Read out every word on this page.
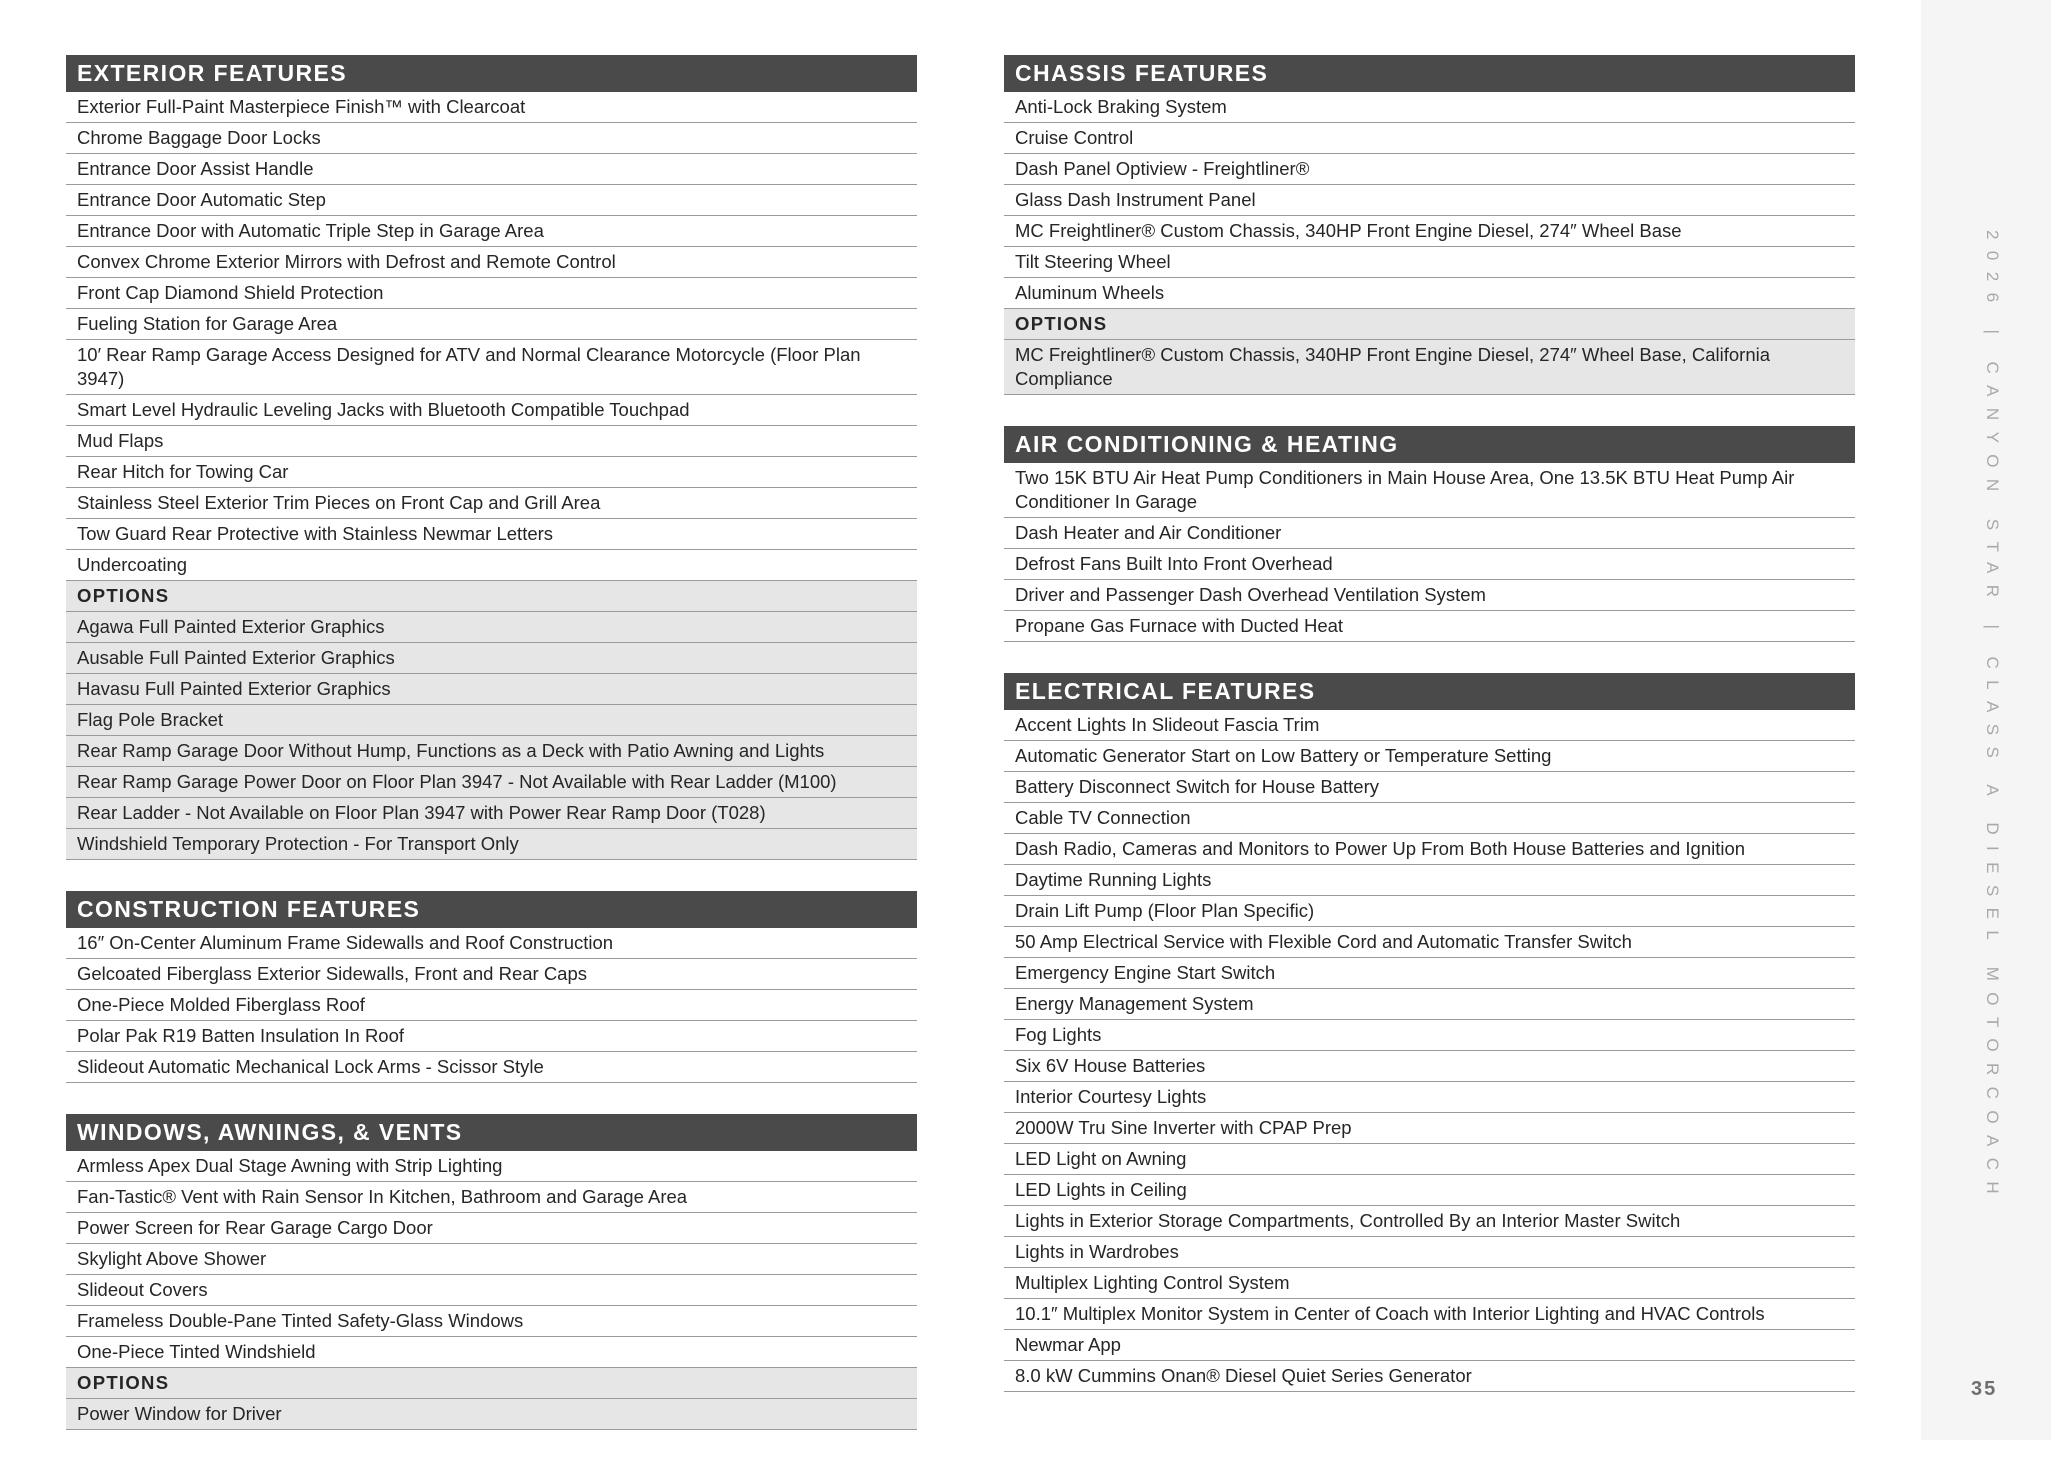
EXTERIOR FEATURES
Exterior Full-Paint Masterpiece Finish™ with Clearcoat
Chrome Baggage Door Locks
Entrance Door Assist Handle
Entrance Door Automatic Step
Entrance Door with Automatic Triple Step in Garage Area
Convex Chrome Exterior Mirrors with Defrost and Remote Control
Front Cap Diamond Shield Protection
Fueling Station for Garage Area
10′ Rear Ramp Garage Access Designed for ATV and Normal Clearance Motorcycle (Floor Plan 3947)
Smart Level Hydraulic Leveling Jacks with Bluetooth Compatible Touchpad
Mud Flaps
Rear Hitch for Towing Car
Stainless Steel Exterior Trim Pieces on Front Cap and Grill Area
Tow Guard Rear Protective with Stainless Newmar Letters
Undercoating
OPTIONS
Agawa Full Painted Exterior Graphics
Ausable Full Painted Exterior Graphics
Havasu Full Painted Exterior Graphics
Flag Pole Bracket
Rear Ramp Garage Door Without Hump, Functions as a Deck with Patio Awning and Lights
Rear Ramp Garage Power Door on Floor Plan 3947 - Not Available with Rear Ladder (M100)
Rear Ladder - Not Available on Floor Plan 3947 with Power Rear Ramp Door (T028)
Windshield Temporary Protection - For Transport Only
CONSTRUCTION FEATURES
16″ On-Center Aluminum Frame Sidewalls and Roof Construction
Gelcoated Fiberglass Exterior Sidewalls, Front and Rear Caps
One-Piece Molded Fiberglass Roof
Polar Pak R19 Batten Insulation In Roof
Slideout Automatic Mechanical Lock Arms - Scissor Style
WINDOWS, AWNINGS, & VENTS
Armless Apex Dual Stage Awning with Strip Lighting
Fan-Tastic® Vent with Rain Sensor In Kitchen, Bathroom and Garage Area
Power Screen for Rear Garage Cargo Door
Skylight Above Shower
Slideout Covers
Frameless Double-Pane Tinted Safety-Glass Windows
One-Piece Tinted Windshield
OPTIONS
Power Window for Driver
CHASSIS FEATURES
Anti-Lock Braking System
Cruise Control
Dash Panel Optiview - Freightliner®
Glass Dash Instrument Panel
MC Freightliner® Custom Chassis, 340HP Front Engine Diesel, 274″ Wheel Base
Tilt Steering Wheel
Aluminum Wheels
OPTIONS
MC Freightliner® Custom Chassis, 340HP Front Engine Diesel, 274″ Wheel Base, California Compliance
AIR CONDITIONING & HEATING
Two 15K BTU Air Heat Pump Conditioners in Main House Area, One 13.5K BTU Heat Pump Air Conditioner In Garage
Dash Heater and Air Conditioner
Defrost Fans Built Into Front Overhead
Driver and Passenger Dash Overhead Ventilation System
Propane Gas Furnace with Ducted Heat
ELECTRICAL FEATURES
Accent Lights In Slideout Fascia Trim
Automatic Generator Start on Low Battery or Temperature Setting
Battery Disconnect Switch for House Battery
Cable TV Connection
Dash Radio, Cameras and Monitors to Power Up From Both House Batteries and Ignition
Daytime Running Lights
Drain Lift Pump (Floor Plan Specific)
50 Amp Electrical Service with Flexible Cord and Automatic Transfer Switch
Emergency Engine Start Switch
Energy Management System
Fog Lights
Six 6V House Batteries
Interior Courtesy Lights
2000W Tru Sine Inverter with CPAP Prep
LED Light on Awning
LED Lights in Ceiling
Lights in Exterior Storage Compartments, Controlled By an Interior Master Switch
Lights in Wardrobes
Multiplex Lighting Control System
10.1″ Multiplex Monitor System in Center of Coach with Interior Lighting and HVAC Controls
Newmar App
8.0 kW Cummins Onan® Diesel Quiet Series Generator
2026 | CANYON STAR | CLASS A DIESEL MOTORCOACH
35
